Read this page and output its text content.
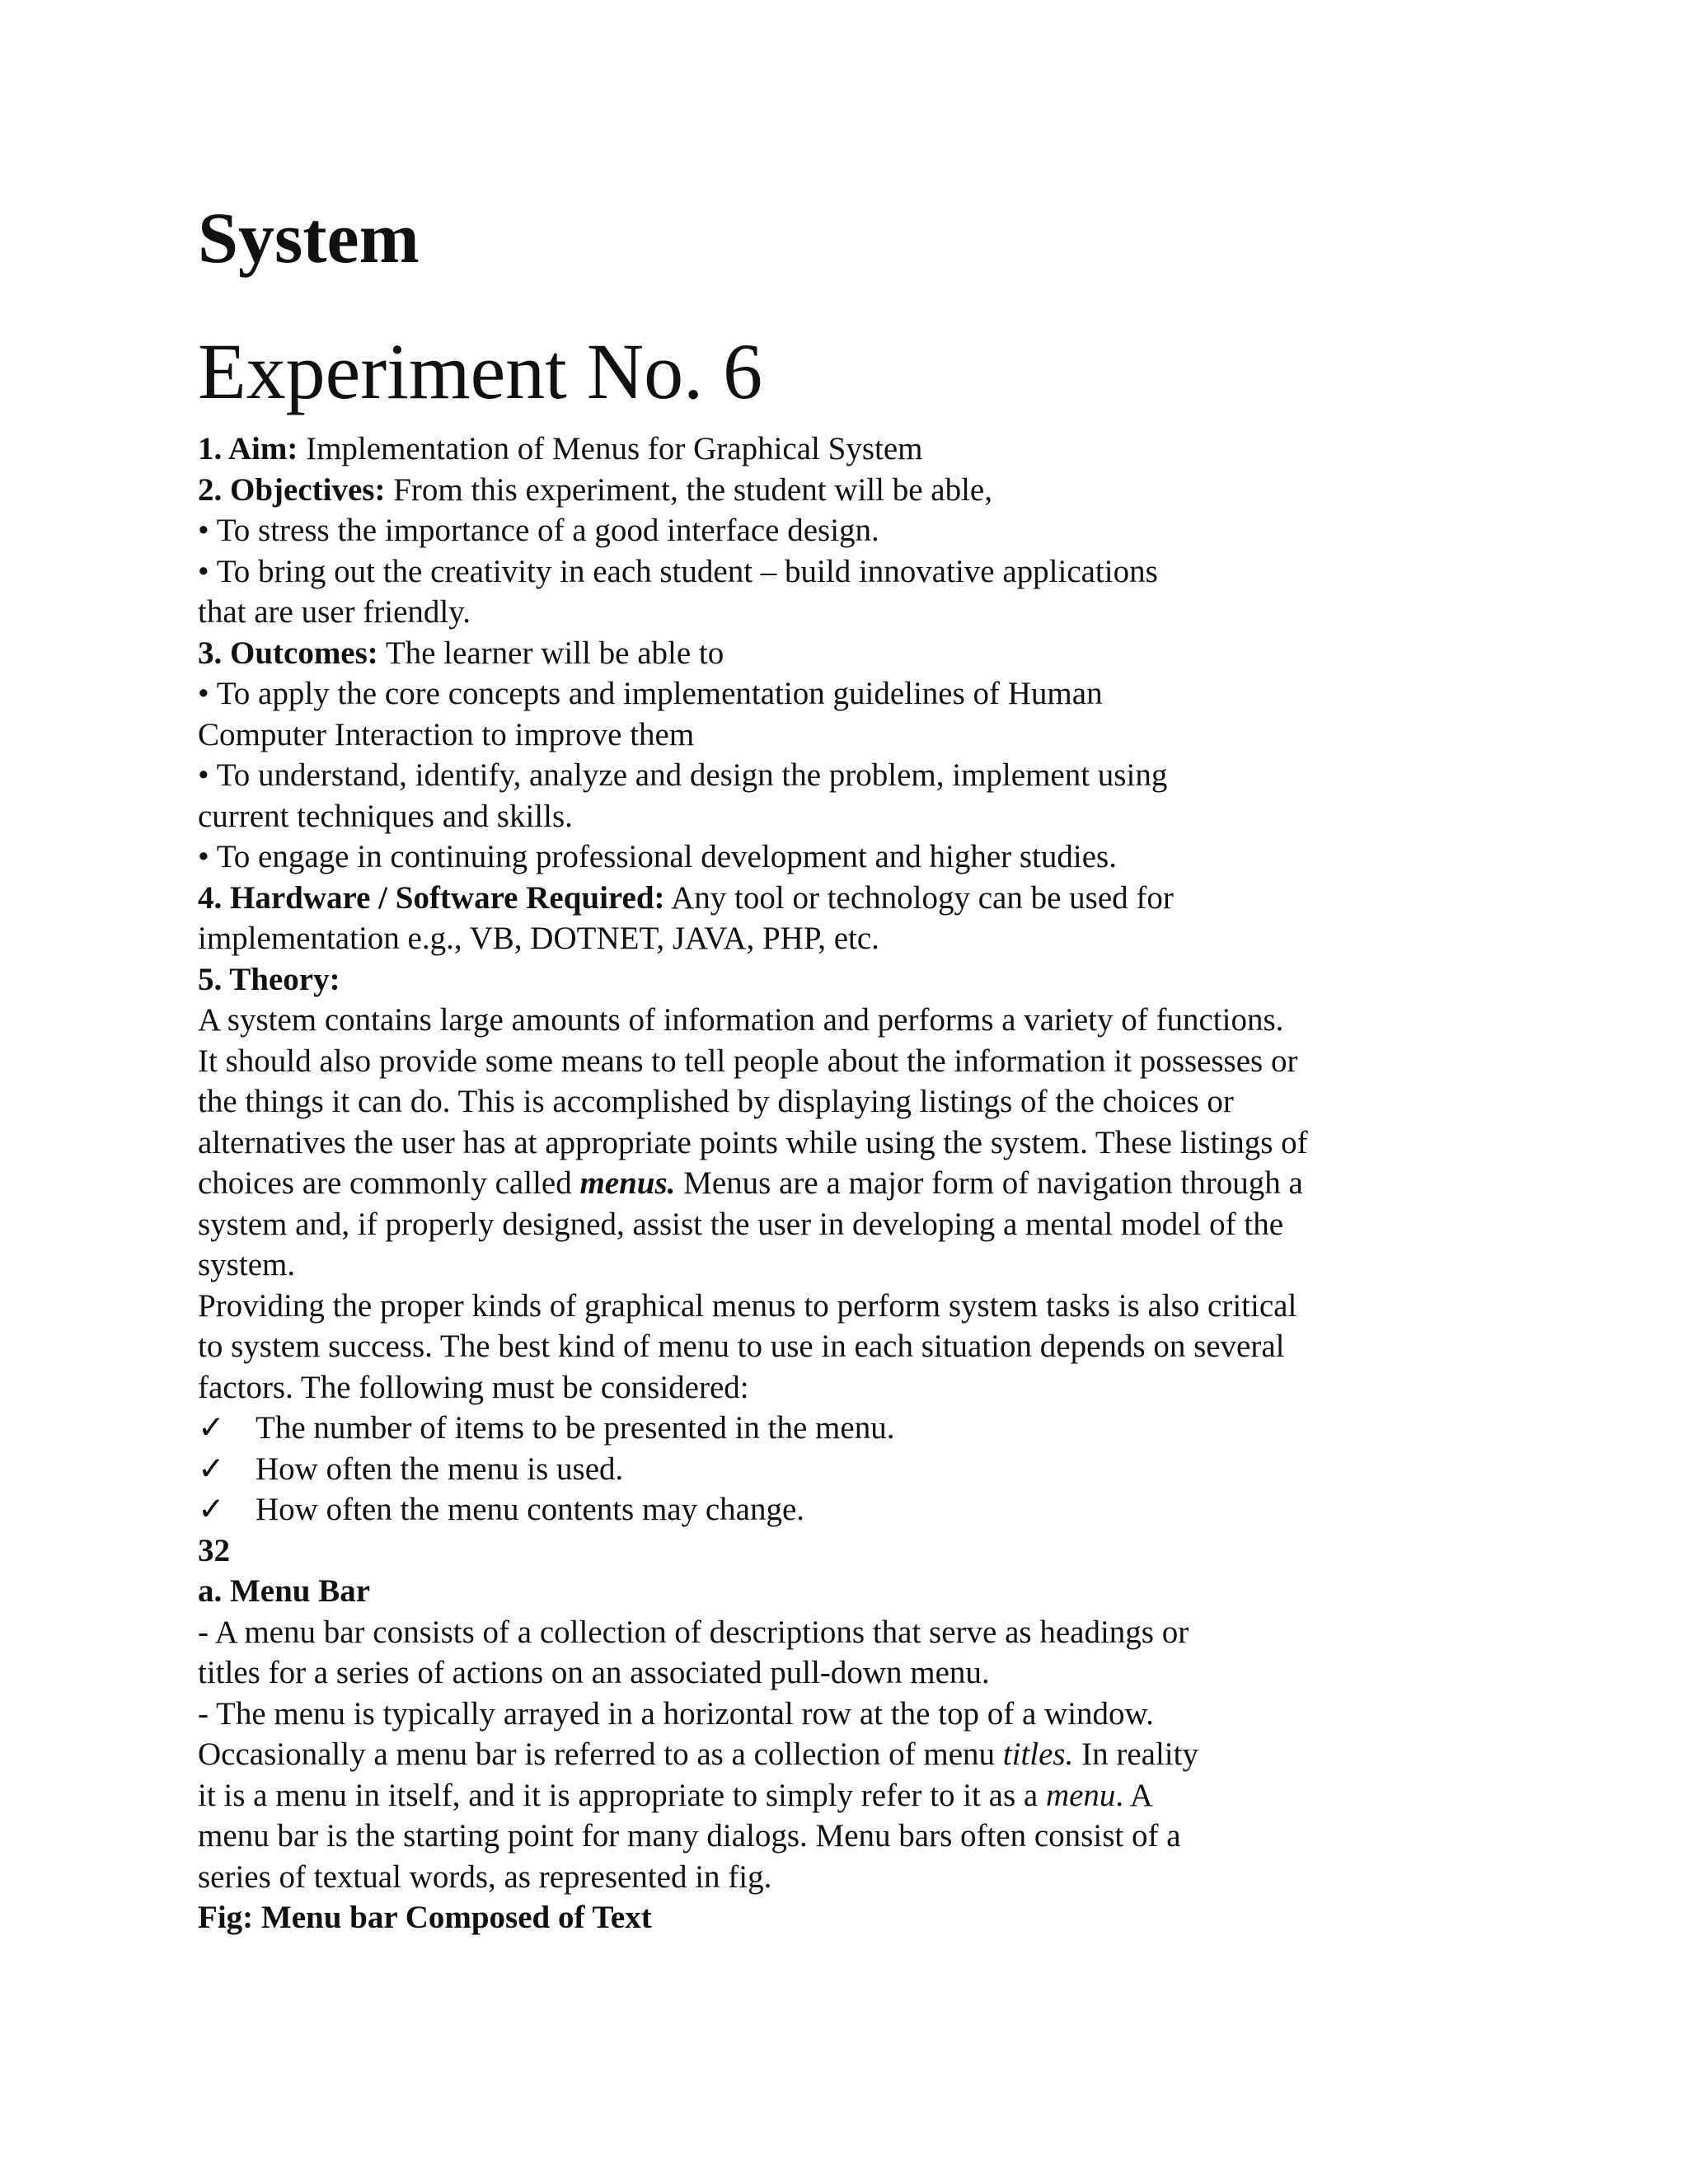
System
Experiment No. 6
1. Aim: Implementation of Menus for Graphical System
2. Objectives: From this experiment, the student will be able,
• To stress the importance of a good interface design.
• To bring out the creativity in each student – build innovative applications
that are user friendly.
3. Outcomes: The learner will be able to
• To apply the core concepts and implementation guidelines of Human
Computer Interaction to improve them
• To understand, identify, analyze and design the problem, implement using
current techniques and skills.
• To engage in continuing professional development and higher studies.
4. Hardware / Software Required: Any tool or technology can be used for
implementation e.g., VB, DOTNET, JAVA, PHP, etc.
5. Theory:
A system contains large amounts of information and performs a variety of functions.
It should also provide some means to tell people about the information it possesses or
the things it can do. This is accomplished by displaying listings of the choices or
alternatives the user has at appropriate points while using the system. These listings of
choices are commonly called menus. Menus are a major form of navigation through a
system and, if properly designed, assist the user in developing a mental model of the
system.
Providing the proper kinds of graphical menus to perform system tasks is also critical
to system success. The best kind of menu to use in each situation depends on several
factors. The following must be considered:
✓ The number of items to be presented in the menu.
✓ How often the menu is used.
✓ How often the menu contents may change.
32
a. Menu Bar
- A menu bar consists of a collection of descriptions that serve as headings or
titles for a series of actions on an associated pull-down menu.
- The menu is typically arrayed in a horizontal row at the top of a window.
Occasionally a menu bar is referred to as a collection of menu titles. In reality
it is a menu in itself, and it is appropriate to simply refer to it as a menu. A
menu bar is the starting point for many dialogs. Menu bars often consist of a
series of textual words, as represented in fig.
Fig: Menu bar Composed of Text
